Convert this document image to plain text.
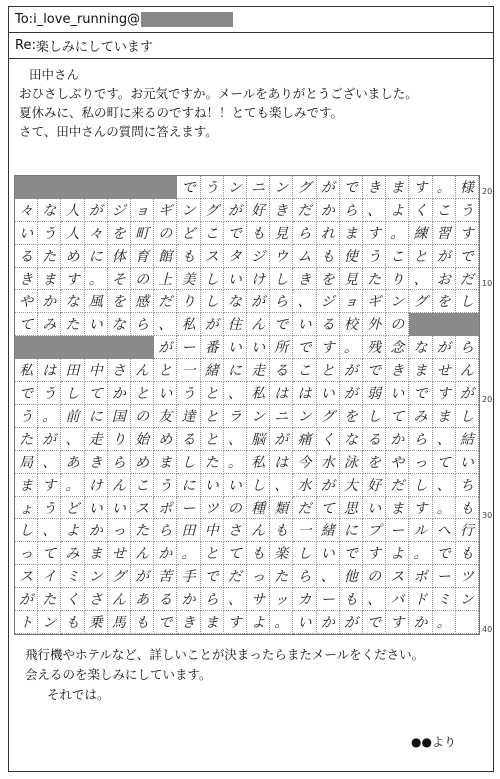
To: i_love_running@
Re: 楽しみにしています
田中さん
おひさしぶりです。お元気ですか。メールをありがとうございました。
夏休みに、私の町に来るのですね！！とても楽しみです。
さて、田中さんの質問に答えます。
で う ン ニ ン グ が で き ま す 。 様
々 な 人 が ジ ョ ギ ン グ が 好 き だ か ら 、 よ く こ う
い う 人 々 を 町 の ど こ で も 見 ら れ ま す 。 練 習 す
る た め に 体 育 館 も ス タ ジ ウ ム も 使 う こ と が で
き ま す 。 そ の 上 美 し い け し き を 見 た り 、 お だ
や か な 風 を 感 だ り し な が ら 、 ジ ョ ギ ン グ を し
て み た い な ら 、 私 が 住 ん で い る 校 外 の
が ー 番 い い 所 で す 。 残 念 な が ら
私 は 田 中 さ ん と 一 緒 に 走 る こ と が で き ま せ ん
で う し て か と い う と 、 私 は は い が 弱 い で す が
う 。 前 に 国 の 友 達 と ラ ン ニ ン グ を し て み ま し
た が 、 走 り 始 め る と 、 脳 が 痛 く な る か ら 、 結
局 、 あ き ら め ま し た 。 私 は 今 水 泳 を や っ て い
ま す 。 け ん こ う に い い し 、 水 が 大 好 だ し 、 ち
ょ う ど い い ス ポ ー ツ の 種 類 だ て 思 い ま す 。 も
し 、 よ か っ た ら 田 中 さ ん も 一 緒 に プ ー ル へ 行
っ て み ま せ ん か 。 と て も 楽 し い で す よ 。 で も
ス イ ミ ン グ が 苦 手 で だ っ た ら 、 他 の ス ポ ー ツ
が た く さ ん あ る か ら 、 サ ッ カ ー も 、 バ ド ミ ン
ト ン も 乗 馬 も で き ま す よ 。 い か が で す か 。
20
10
20
30
40
飛行機やホテルなど、詳しいことが決まったらまたメールをください。
会えるのを楽しみにしています。
それでは。
●●より
